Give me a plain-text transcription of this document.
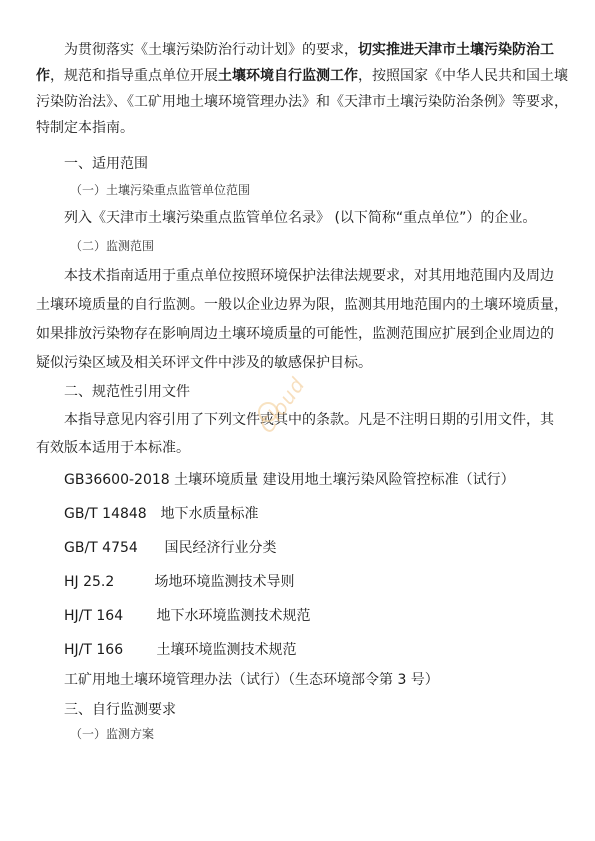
为贯彻落实《土壤污染防治行动计划》的要求，切实推进天津市土壤污染防治工
作，规范和指导重点单位开展土壤环境自行监测工作，按照国家《中华人民共和国土壤
污染防治法》、《工矿用地土壤环境管理办法》和《天津市土壤污染防治条例》等要求，
特制定本指南。
一、适用范围
（一）土壤污染重点监管单位范围
列入《天津市土壤污染重点监管单位名录》 (以下简称“重点单位”）的企业。
（二）监测范围
本技术指南适用于重点单位按照环境保护法律法规要求，对其用地范围内及周边
土壤环境质量的自行监测。一般以企业边界为限，监测其用地范围内的土壤环境质量，
如果排放污染物存在影响周边土壤环境质量的可能性，监测范围应扩展到企业周边的
疑似污染区域及相关环评文件中涉及的敏感保护目标。
二、规范性引用文件
本指导意见内容引用了下列文件或其中的条款。凡是不注明日期的引用文件，其
有效版本适用于本标准。
GB36600-2018 土壤环境质量 建设用地土壤污染风险管控标准（试行）
GB/T 14848 地下水质量标准
GB/T 4754 国民经济行业分类
HJ 25.2	场地环境监测技术导则
HJ/T 164 地下水环境监测技术规范
HJ/T 166 土壤环境监测技术规范
工矿用地土壤环境管理办法（试行）（生态环境部令第 3 号）
三、自行监测要求
（一）监测方案
Cloud
